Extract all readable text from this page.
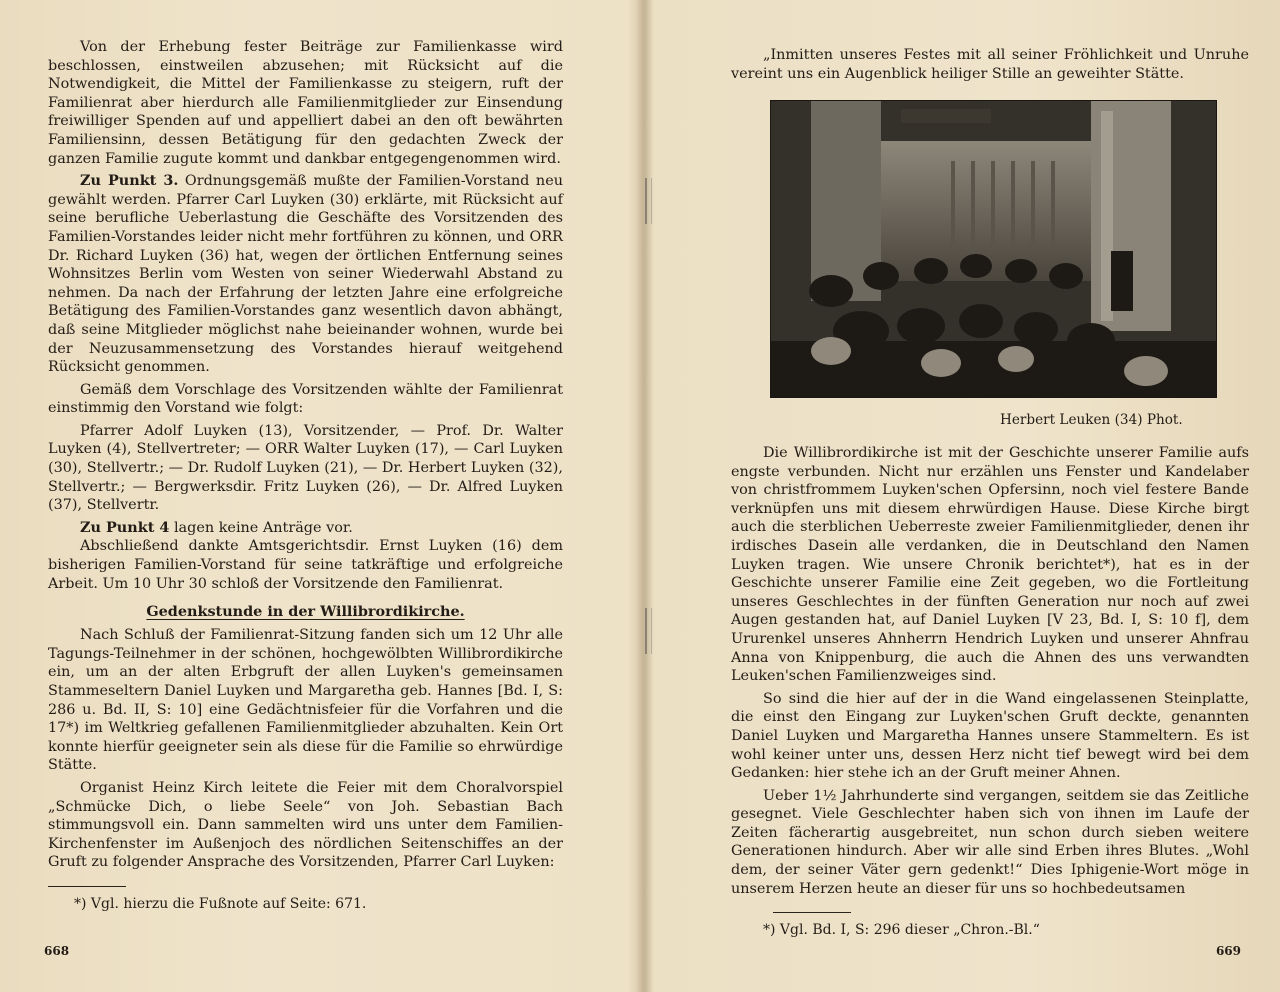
Von der Erhebung fester Beiträge zur Familienkasse wird beschlossen, einstweilen abzusehen; mit Rücksicht auf die Notwendigkeit, die Mittel der Familienkasse zu steigern, ruft der Familienrat aber hierdurch alle Familienmitglieder zur Einsendung freiwilliger Spenden auf und appelliert dabei an den oft bewährten Familiensinn, dessen Betätigung für den gedachten Zweck der ganzen Familie zugute kommt und dankbar entgegengenommen wird.

Zu Punkt 3. Ordnungsgemäß mußte der Familien-Vorstand neu gewählt werden. Pfarrer Carl Luyken (30) erklärte, mit Rücksicht auf seine berufliche Ueberlastung die Geschäfte des Vorsitzenden des Familien-Vorstandes leider nicht mehr fortführen zu können, und ORR Dr. Richard Luyken (36) hat, wegen der örtlichen Entfernung seines Wohnsitzes Berlin vom Westen von seiner Wiederwahl Abstand zu nehmen. Da nach der Erfahrung der letzten Jahre eine erfolgreiche Betätigung des Familien-Vorstandes ganz wesentlich davon abhängt, daß seine Mitglieder möglichst nahe beieinander wohnen, wurde bei der Neuzusammensetzung des Vorstandes hierauf weitgehend Rücksicht genommen.

Gemäß dem Vorschlage des Vorsitzenden wählte der Familienrat einstimmig den Vorstand wie folgt:

Pfarrer Adolf Luyken (13), Vorsitzender, — Prof. Dr. Walter Luyken (4), Stellvertreter; — ORR Walter Luyken (17), — Carl Luyken (30), Stellvertr.; — Dr. Rudolf Luyken (21), — Dr. Herbert Luyken (32), Stellvertr.; — Bergwerksdir. Fritz Luyken (26), — Dr. Alfred Luyken (37), Stellvertr.

Zu Punkt 4 lagen keine Anträge vor.

Abschließend dankte Amtsgerichtsdir. Ernst Luyken (16) dem bisherigen Familien-Vorstand für seine tatkräftige und erfolgreiche Arbeit. Um 10 Uhr 30 schloß der Vorsitzende den Familienrat.

Gedenkstunde in der Willibrordikirche.

Nach Schluß der Familienrat-Sitzung fanden sich um 12 Uhr alle Tagungs-Teilnehmer in der schönen, hochgewölbten Willibrordikirche ein, um an der alten Erbgruft der allen Luyken's gemeinsamen Stammeseltern Daniel Luyken und Margaretha geb. Hannes [Bd. I, S: 286 u. Bd. II, S: 10] eine Gedächtnisfeier für die Vorfahren und die 17*) im Weltkrieg gefallenen Familienmitglieder abzuhalten. Kein Ort konnte hierfür geeigneter sein als diese für die Familie so ehrwürdige Stätte.

Organist Heinz Kirch leitete die Feier mit dem Choralvorspiel „Schmücke Dich, o liebe Seele“ von Joh. Sebastian Bach stimmungsvoll ein. Dann sammelten wird uns unter dem Familien-Kirchenfenster im Außenjoch des nördlichen Seitenschiffes an der Gruft zu folgender Ansprache des Vorsitzenden, Pfarrer Carl Luyken:

*) Vgl. hierzu die Fußnote auf Seite: 671.
668

„Inmitten unseres Festes mit all seiner Fröhlichkeit und Unruhe vereint uns ein Augenblick heiliger Stille an geweihter Stätte.

Herbert Leuken (34) Phot.

Die Willibrordikirche ist mit der Geschichte unserer Familie aufs engste verbunden. Nicht nur erzählen uns Fenster und Kandelaber von christfrommem Luyken'schen Opfersinn, noch viel festere Bande verknüpfen uns mit diesem ehrwürdigen Hause. Diese Kirche birgt auch die sterblichen Ueberreste zweier Familienmitglieder, denen ihr irdisches Dasein alle verdanken, die in Deutschland den Namen Luyken tragen. Wie unsere Chronik berichtet*), hat es in der Geschichte unserer Familie eine Zeit gegeben, wo die Fortleitung unseres Geschlechtes in der fünften Generation nur noch auf zwei Augen gestanden hat, auf Daniel Luyken [V 23, Bd. I, S: 10 f], dem Ururenkel unseres Ahnherrn Hendrich Luyken und unserer Ahnfrau Anna von Knippenburg, die auch die Ahnen des uns verwandten Leuken'schen Familienzweiges sind.

So sind die hier auf der in die Wand eingelassenen Steinplatte, die einst den Eingang zur Luyken'schen Gruft deckte, genannten Daniel Luyken und Margaretha Hannes unsere Stammeltern. Es ist wohl keiner unter uns, dessen Herz nicht tief bewegt wird bei dem Gedanken: hier stehe ich an der Gruft meiner Ahnen.

Ueber 1½ Jahrhunderte sind vergangen, seitdem sie das Zeitliche gesegnet. Viele Geschlechter haben sich von ihnen im Laufe der Zeiten fächerartig ausgebreitet, nun schon durch sieben weitere Generationen hindurch. Aber wir alle sind Erben ihres Blutes. „Wohl dem, der seiner Väter gern gedenkt!“ Dies Iphigenie-Wort möge in unserem Herzen heute an dieser für uns so hochbedeutsamen

*) Vgl. Bd. I, S: 296 dieser „Chron.-Bl.“
669
